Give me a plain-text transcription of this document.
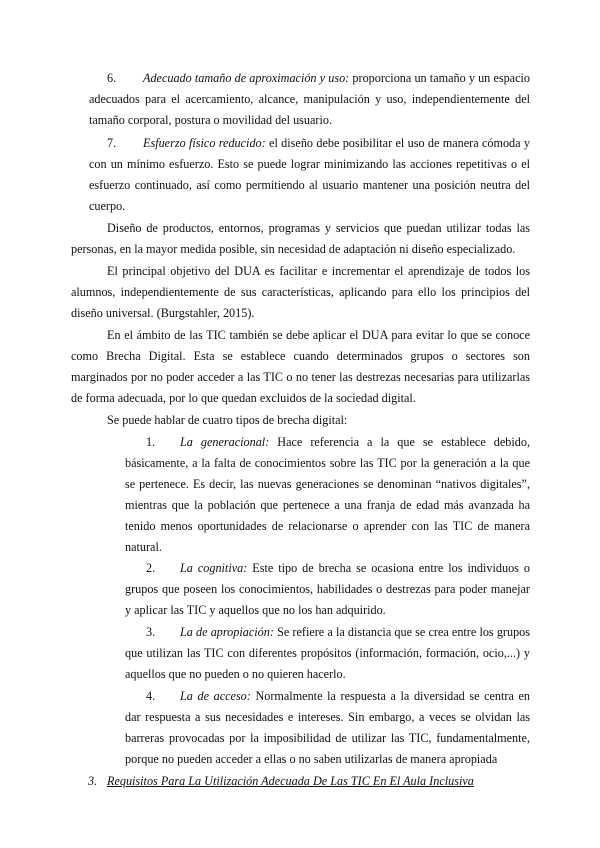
6. Adecuado tamaño de aproximación y uso: proporciona un tamaño y un espacio
adecuados para el acercamiento, alcance, manipulación y uso, independientemente del
tamaño corporal, postura o movilidad del usuario.
7. Esfuerzo físico reducido: el diseño debe posibilitar el uso de manera cómoda y
con un mínimo esfuerzo. Esto se puede lograr minimizando las acciones repetitivas o el
esfuerzo continuado, así como permitiendo al usuario mantener una posición neutra del
cuerpo.
Diseño de productos, entornos, programas y servicios que puedan utilizar todas las
personas, en la mayor medida posible, sin necesidad de adaptación ni diseño especializado.
El principal objetivo del DUA es facilitar e incrementar el aprendizaje de todos los
alumnos, independientemente de sus características, aplicando para ello los principios del
diseño universal. (Burgstahler, 2015).
En el ámbito de las TIC también se debe aplicar el DUA para evitar lo que se conoce
como Brecha Digital. Esta se establece cuando determinados grupos o sectores son
marginados por no poder acceder a las TIC o no tener las destrezas necesarias para utilizarlas
de forma adecuada, por lo que quedan excluidos de la sociedad digital.
Se puede hablar de cuatro tipos de brecha digital:
1. La generacional: Hace referencia a la que se establece debido,
básicamente, a la falta de conocimientos sobre las TIC por la generación a la que
se pertenece. Es decir, las nuevas generaciones se denominan “nativos digitales”,
mientras que la población que pertenece a una franja de edad más avanzada ha
tenido menos oportunidades de relacionarse o aprender con las TIC de manera
natural.
2. La cognitiva: Este tipo de brecha se ocasiona entre los individuos o
grupos que poseen los conocimientos, habilidades o destrezas para poder manejar
y aplicar las TIC y aquellos que no los han adquirido.
3. La de apropiación: Se refiere a la distancia que se crea entre los grupos
que utilizan las TIC con diferentes propósitos (información, formación, ocio,...) y
aquellos que no pueden o no quieren hacerlo.
4. La de acceso: Normalmente la respuesta a la diversidad se centra en
dar respuesta a sus necesidades e intereses. Sin embargo, a veces se olvidan las
barreras provocadas por la imposibilidad de utilizar las TIC, fundamentalmente,
porque no pueden acceder a ellas o no saben utilizarlas de manera apropiada
3. Requisitos Para La Utilización Adecuada De Las TIC En El Aula Inclusiva
